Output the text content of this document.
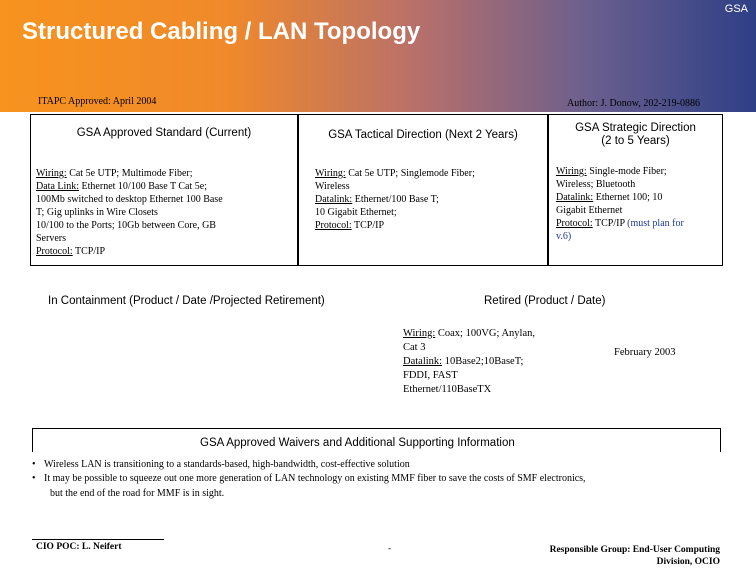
GSA
Structured Cabling / LAN Topology
ITAPC Approved: April 2004	Author: J. Donow, 202-219-0886
GSA Approved Standard (Current)
Wiring: Cat 5e UTP; Multimode Fiber;
Data Link: Ethernet 10/100 Base T Cat 5e;
100Mb switched to desktop Ethernet 100 Base
T; Gig uplinks in Wire Closets
10/100 to the Ports; 10Gb between Core, GB
Servers
Protocol: TCP/IP
GSA Tactical Direction (Next 2 Years)
Wiring: Cat 5e UTP; Singlemode Fiber;
Wireless
Datalink: Ethernet/100 Base T;
10 Gigabit Ethernet;
Protocol: TCP/IP
GSA Strategic Direction
(2 to 5 Years)
Wiring: Single-mode Fiber;
Wireless; Bluetooth
Datalink: Ethernet 100; 10
Gigabit Ethernet
Protocol: TCP/IP (must plan for
v.6)
In Containment (Product / Date /Projected Retirement)	Retired (Product / Date)
Wiring: Coax; 100VG; Anylan,
Cat 3
Datalink: 10Base2;10BaseT;
FDDI, FAST
Ethernet/110BaseTX
February 2003
GSA Approved Waivers and Additional Supporting Information
• Wireless LAN is transitioning to a standards-based, high-bandwidth, cost-effective solution
• It may be possible to squeeze out one more generation of LAN technology on existing MMF fiber to save the costs of SMF electronics,
but the end of the road for MMF is in sight.
CIO POC: L. Neifert	-	Responsible Group: End-User Computing
Division, OCIO
